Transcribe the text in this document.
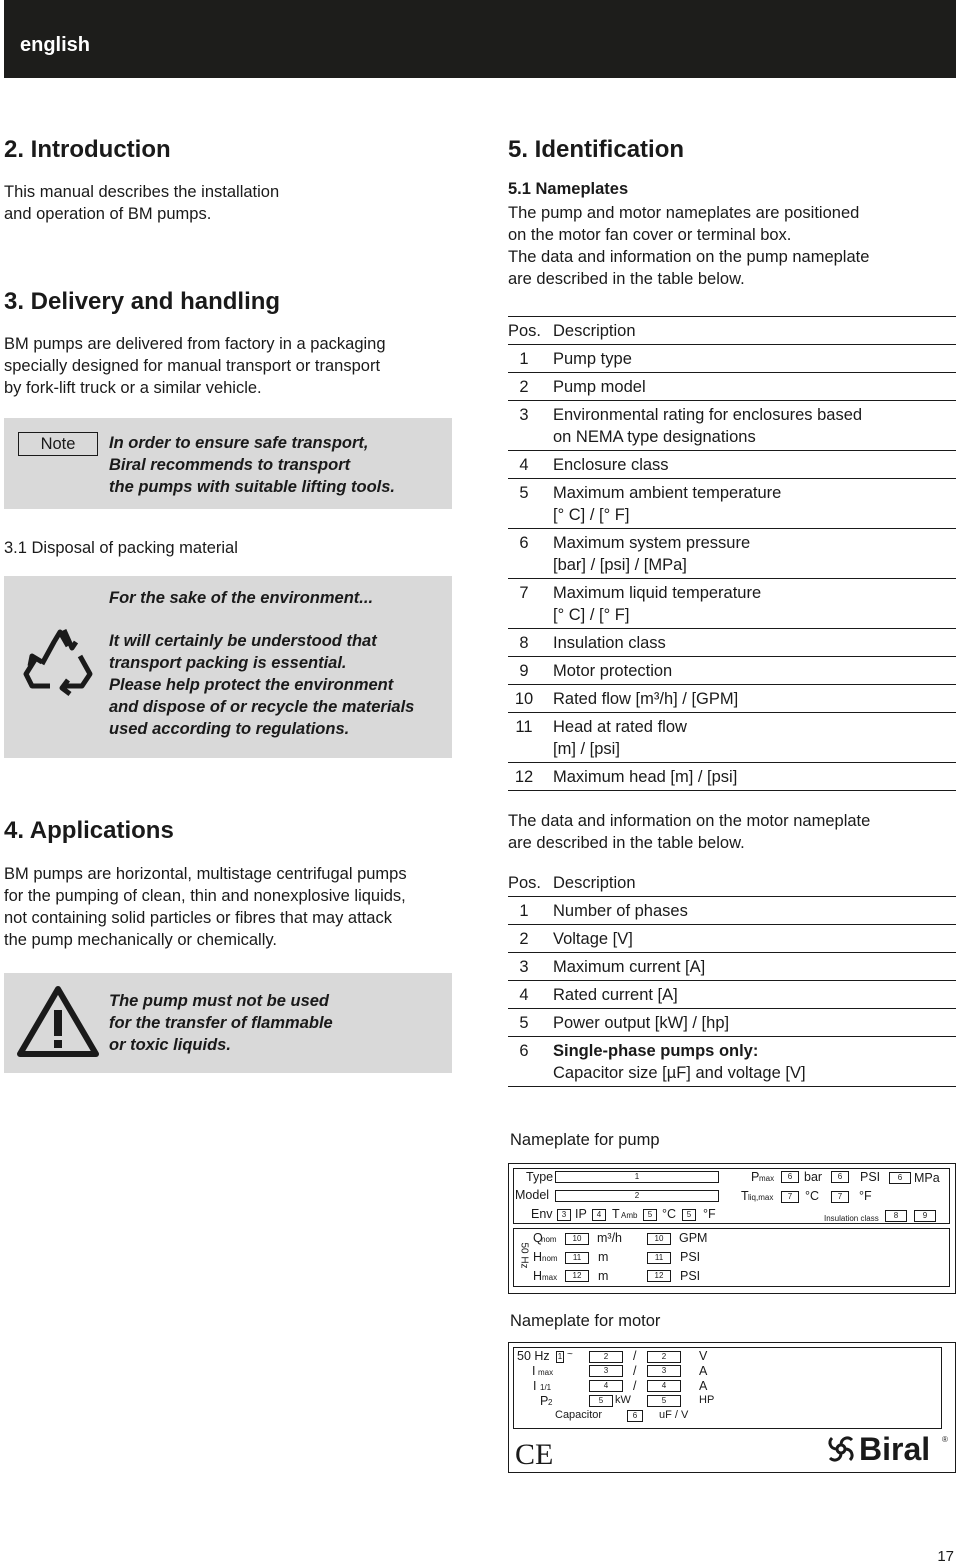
english
2. Introduction
This manual describes the installation
and operation of BM pumps.
3. Delivery and handling
BM pumps are delivered from factory in a packaging
specially designed for manual transport or transport
by fork-lift truck or a similar vehicle.
Note	In order to ensure safe transport,
Biral recommends to transport
the pumps with suitable lifting tools.
3.1 Disposal of packing material
For the sake of the environment...
It will certainly be understood that
transport packing is essential.
Please help protect the environment
and dispose of or recycle the materials
used according to regulations.
4. Applications
BM pumps are horizontal, multistage centrifugal pumps
for the pumping of clean, thin and nonexplosive liquids,
not containing solid particles or fibres that may attack
the pump mechanically or chemically.
The pump must not be used
for the transfer of flammable
or toxic liquids.
5. Identification
5.1 Nameplates
The pump and motor nameplates are positioned
on the motor fan cover or terminal box.
The data and information on the pump nameplate
are described in the table below.
Pos. Description
1	Pump type
2	Pump model
3	Environmental rating for enclosures based
on NEMA type designations
4	Enclosure class
5	Maximum ambient temperature
[° C] / [° F]
6	Maximum system pressure
[bar] / [psi] / [MPa]
7	Maximum liquid temperature
[° C] / [° F]
8	Insulation class
9	Motor protection
10	Rated flow [m³/h] / [GPM]
11	Head at rated flow
[m] / [psi]
12	Maximum head [m] / [psi]
The data and information on the motor nameplate
are described in the table below.
Pos. Description
1	Number of phases
2	Voltage [V]
3	Maximum current [A]
4	Rated current [A]
5	Power output [kW] / [hp]
6	Single-phase pumps only:
Capacitor size [µF] and voltage [V]
Nameplate for pump
Type	1
Model	2
Env	3 IP	4 T Amb	5 °C	5 °F
P max	6 bar	6	PSI	6 MPa
T liq,max	7	°C	7	°F
Insulation class	8	9
50 Hz
Q
nom	10	m³/h	10	GPM
H nom	11	m	11	PSI
H max	12	m	12	PSI
Nameplate for motor
50 Hz 1 ~	2	/	2	V
I max	3	/	3	A
I 1/1	4	/	4	A
P 2	5	kW	5	HP
Capacitor	6	uF / V
CE	Biral ®
17
